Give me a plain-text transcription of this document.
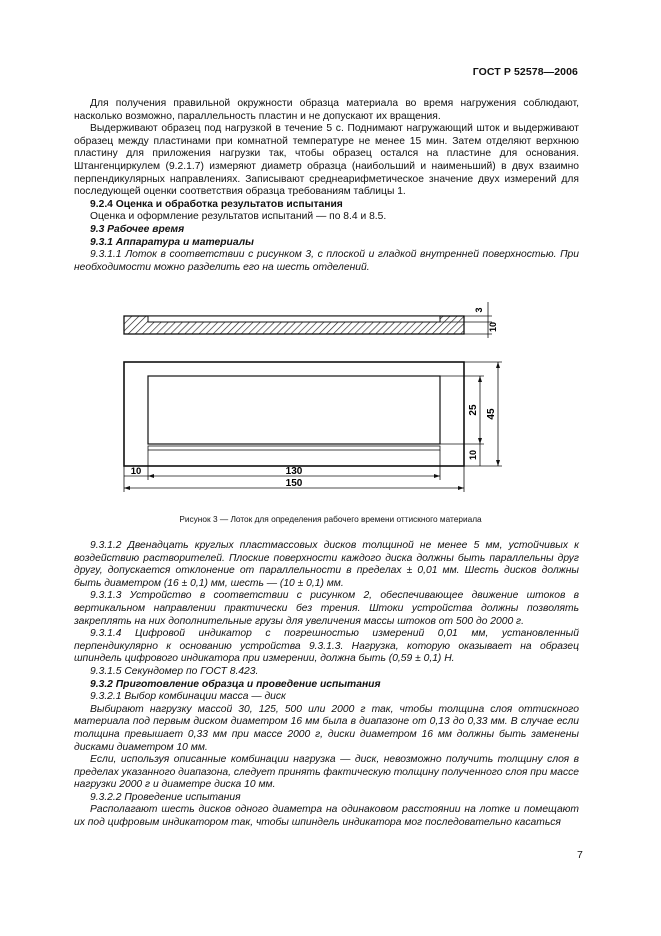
ГОСТ Р 52578—2006

Для получения правильной окружности образца материала во время нагружения соблюдают, насколько возможно, параллельность пластин и не допускают их вращения.

Выдерживают образец под нагрузкой в течение 5 с. Поднимают нагружающий шток и выдерживают образец между пластинами при комнатной температуре не менее 15 мин. Затем отделяют верхнюю пластину для приложения нагрузки так, чтобы образец остался на пластине для основания. Штангенциркулем (9.2.1.7) измеряют диаметр образца (наибольший и наименьший) в двух взаимно перпендикулярных направлениях. Записывают среднеарифметическое значение двух измерений для последующей оценки соответствия образца требованиям таблицы 1.

9.2.4 Оценка и обработка результатов испытания

Оценка и оформление результатов испытаний — по 8.4 и 8.5.

9.3 Рабочее время

9.3.1 Аппаратура и материалы

9.3.1.1 Лоток в соответствии с рисунком 3, с плоской и гладкой внутренней поверхностью. При необходимости можно разделить его на шесть отделений.

3
10
25 45
10
10	130
150
Рисунок 3 — Лоток для определения рабочего времени оттискного материала

9.3.1.2 Двенадцать круглых пластмассовых дисков толщиной не менее 5 мм, устойчивых к воздействию растворителей. Плоские поверхности каждого диска должны быть параллельны друг другу, допускается отклонение от параллельности в пределах ± 0,01 мм. Шесть дисков должны быть диаметром (16 ± 0,1) мм, шесть — (10 ± 0,1) мм.

9.3.1.3 Устройство в соответствии с рисунком 2, обеспечивающее движение штоков в вертикальном направлении практически без трения. Штоки устройства должны позволять закреплять на них дополнительные грузы для увеличения массы штоков от 500 до 2000 г.

9.3.1.4 Цифровой индикатор с погрешностью измерений 0,01 мм, установленный перпендикулярно к основанию устройства 9.3.1.3. Нагрузка, которую оказывает на образец шпиндель цифрового индикатора при измерении, должна быть (0,59 ± 0,1) Н.

9.3.1.5 Секундомер по ГОСТ 8.423.

9.3.2 Приготовление образца и проведение испытания

9.3.2.1 Выбор комбинации масса — диск

Выбирают нагрузку массой 30, 125, 500 или 2000 г так, чтобы толщина слоя оттискного материала под первым диском диаметром 16 мм была в диапазоне от 0,13 до 0,33 мм. В случае если толщина превышает 0,33 мм при массе 2000 г, диски диаметром 16 мм должны быть заменены дисками диаметром 10 мм.

Если, используя описанные комбинации нагрузка — диск, невозможно получить толщину слоя в пределах указанного диапазона, следует принять фактическую толщину полученного слоя при массе нагрузки 2000 г и диаметре диска 10 мм.

9.3.2.2 Проведение испытания

Располагают шесть дисков одного диаметра на одинаковом расстоянии на лотке и помещают их под цифровым индикатором так, чтобы шпиндель индикатора мог последовательно касаться

7
